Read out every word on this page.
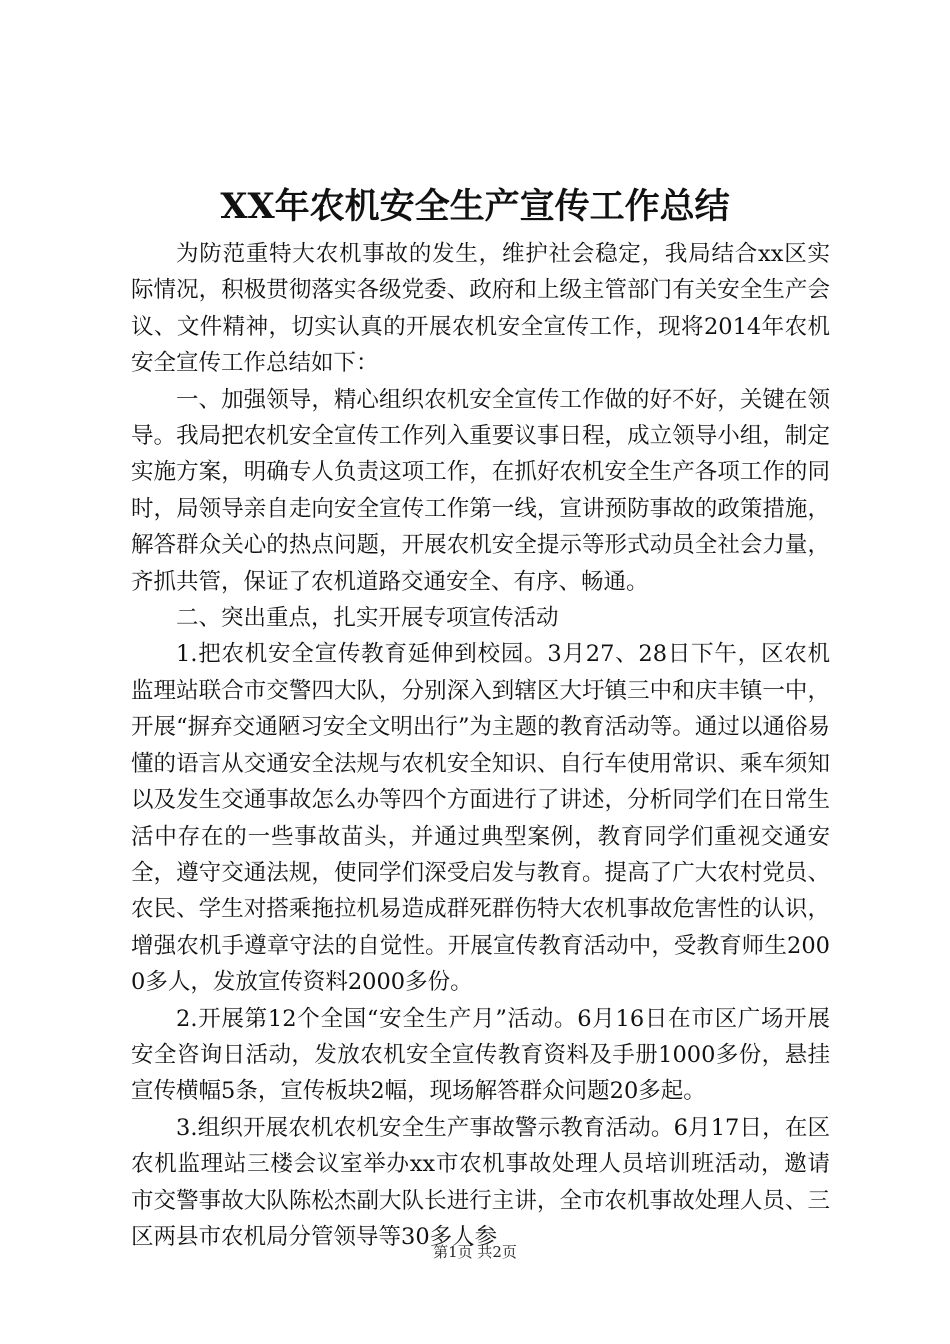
XX年农机安全生产宣传工作总结

为防范重特大农机事故的发生，维护社会稳定，我局结合xx区实际情况，积极贯彻落实各级党委、政府和上级主管部门有关安全生产会议、文件精神，切实认真的开展农机安全宣传工作，现将2014年农机安全宣传工作总结如下：

一、加强领导，精心组织农机安全宣传工作做的好不好，关键在领导。我局把农机安全宣传工作列入重要议事日程，成立领导小组，制定实施方案，明确专人负责这项工作，在抓好农机安全生产各项工作的同时，局领导亲自走向安全宣传工作第一线，宣讲预防事故的政策措施，解答群众关心的热点问题，开展农机安全提示等形式动员全社会力量，齐抓共管，保证了农机道路交通安全、有序、畅通。

二、突出重点，扎实开展专项宣传活动

1.把农机安全宣传教育延伸到校园。3月27、28日下午，区农机监理站联合市交警四大队，分别深入到辖区大圩镇三中和庆丰镇一中，开展“摒弃交通陋习安全文明出行”为主题的教育活动等。通过以通俗易懂的语言从交通安全法规与农机安全知识、自行车使用常识、乘车须知以及发生交通事故怎么办等四个方面进行了讲述，分析同学们在日常生活中存在的一些事故苗头，并通过典型案例，教育同学们重视交通安全，遵守交通法规，使同学们深受启发与教育。提高了广大农村党员、农民、学生对搭乘拖拉机易造成群死群伤特大农机事故危害性的认识，增强农机手遵章守法的自觉性。开展宣传教育活动中，受教育师生2000多人，发放宣传资料2000多份。

2.开展第12个全国“安全生产月”活动。6月16日在市区广场开展安全咨询日活动，发放农机安全宣传教育资料及手册1000多份，悬挂宣传横幅5条，宣传板块2幅，现场解答群众问题20多起。

3.组织开展农机农机安全生产事故警示教育活动。6月17日，在区农机监理站三楼会议室举办xx市农机事故处理人员培训班活动，邀请市交警事故大队陈松杰副大队长进行主讲，全市农机事故处理人员、三区两县市农机局分管领导等30多人参

第1页 共2页
